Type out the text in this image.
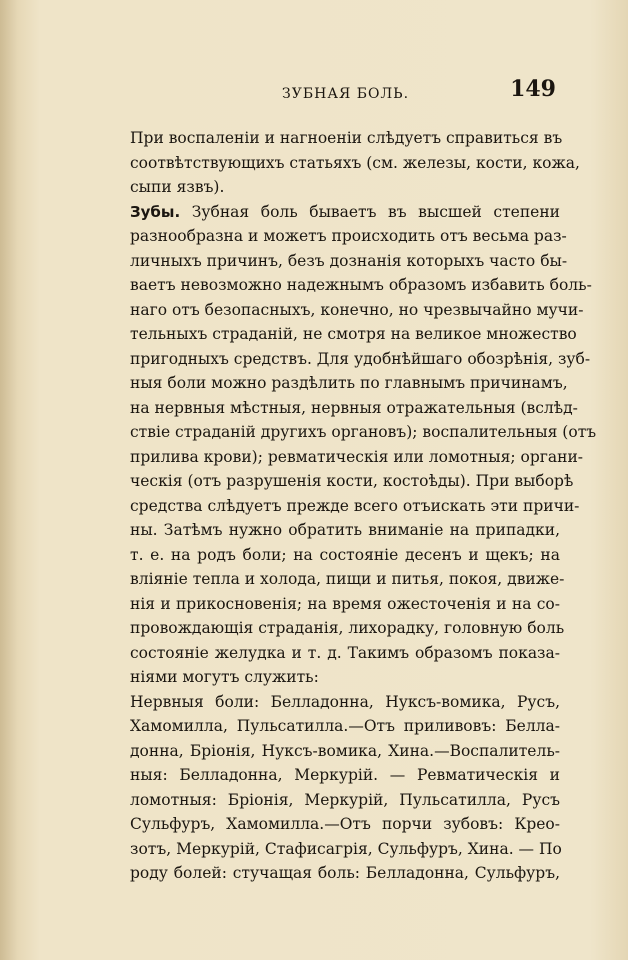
ЗУБНАЯ БОЛЬ.	149
При воспаленіи и нагноеніи слѣдуетъ справиться въ
соотвѣтствующихъ статьяхъ (см. железы, кости, кожа,
сыпи язвъ).
Зубы. Зубная боль бываетъ въ высшей степени
разнообразна и можетъ происходить отъ весьма раз-
личныхъ причинъ, безъ дознанія которыхъ часто бы-
ваетъ невозможно надежнымъ образомъ избавить боль-
наго отъ безопасныхъ, конечно, но чрезвычайно мучи-
тельныхъ страданій, не смотря на великое множество
пригодныхъ средствъ. Для удобнѣйшаго обозрѣнія, зуб-
ныя боли можно раздѣлить по главнымъ причинамъ,
на нервныя мѣстныя, нервныя отражательныя (вслѣд-
ствіе страданій другихъ органовъ); воспалительныя (отъ
прилива крови); ревматическія или ломотныя; органи-
ческія (отъ разрушенія кости, костоѣды). При выборѣ
средства слѣдуетъ прежде всего отъискать эти причи-
ны. Затѣмъ нужно обратить вниманіе на припадки,
т. е. на родъ боли; на состояніе десенъ и щекъ; на
вліяніе тепла и холода, пищи и питья, покоя, движе-
нія и прикосновенія; на время ожесточенія и на со-
провождающія страданія, лихорадку, головную боль
состояніе желудка и т. д. Такимъ образомъ показа-
ніями могутъ служить:
Нервныя боли: Белладонна, Нуксъ-вомика, Русъ,
Хамомилла, Пульсатилла.—Отъ приливовъ: Белла-
донна, Бріонія, Нуксъ-вомика, Хина.—Воспалитель-
ныя: Белладонна, Меркурій. — Ревматическія и
ломотныя: Бріонія, Меркурій, Пульсатилла, Русъ
Сульфуръ, Хамомилла.—Отъ порчи зубовъ: Креo-
зотъ, Меркурій, Стафисагрія, Сульфуръ, Хина. — По
роду болей: стучащая боль: Белладонна, Сульфуръ,
